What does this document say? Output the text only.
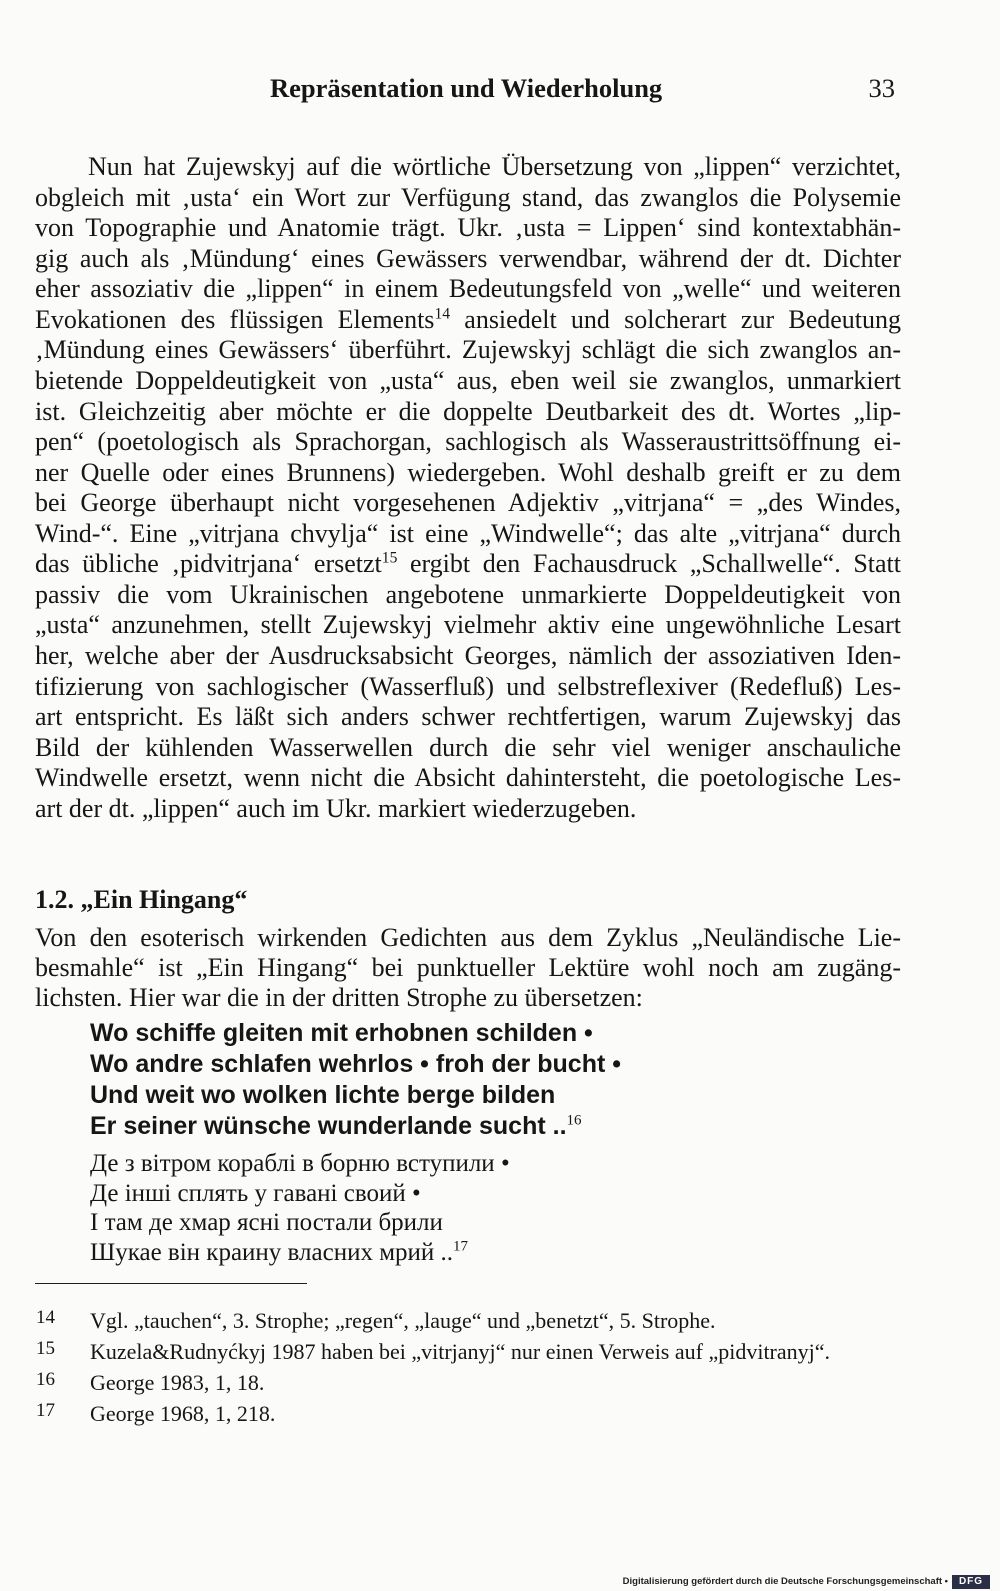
Repräsentation und Wiederholung	33
Nun hat Zujewskyj auf die wörtliche Übersetzung von „lippen“ verzichtet,
obgleich mit ‚usta‘ ein Wort zur Verfügung stand, das zwanglos die Polysemie
von Topographie und Anatomie trägt. Ukr. ‚usta = Lippen‘ sind kontextabhän-
gig auch als ‚Mündung‘ eines Gewässers verwendbar, während der dt. Dichter
eher assoziativ die „lippen“ in einem Bedeutungsfeld von „welle“ und weiteren
Evokationen des flüssigen Elements$^{14}$ ansiedelt und solcherart zur Bedeutung
‚Mündung eines Gewässers‘ überführt. Zujewskyj schlägt die sich zwanglos an-
bietende Doppeldeutigkeit von „usta“ aus, eben weil sie zwanglos, unmarkiert
ist. Gleichzeitig aber möchte er die doppelte Deutbarkeit des dt. Wortes „lip-
pen“ (poetologisch als Sprachorgan, sachlogisch als Wasseraustrittsöffnung ei-
ner Quelle oder eines Brunnens) wiedergeben. Wohl deshalb greift er zu dem
bei George überhaupt nicht vorgesehenen Adjektiv „vitrjana“ = „des Windes,
Wind-“. Eine „vitrjana chvylja“ ist eine „Windwelle“; das alte „vitrjana“ durch
das übliche ‚pidvitrjana‘ ersetzt$^{15}$ ergibt den Fachausdruck „Schallwelle“. Statt
passiv die vom Ukrainischen angebotene unmarkierte Doppeldeutigkeit von
„usta“ anzunehmen, stellt Zujewskyj vielmehr aktiv eine ungewöhnliche Lesart
her, welche aber der Ausdrucksabsicht Georges, nämlich der assoziativen Iden-
tifizierung von sachlogischer (Wasserfluß) und selbstreflexiver (Redefluß) Les-
art entspricht. Es läßt sich anders schwer rechtfertigen, warum Zujewskyj das
Bild der kühlenden Wasserwellen durch die sehr viel weniger anschauliche
Windwelle ersetzt, wenn nicht die Absicht dahintersteht, die poetologische Les-
art der dt. „lippen“ auch im Ukr. markiert wiederzugeben.
1.2. „Ein Hingang“
Von den esoterisch wirkenden Gedichten aus dem Zyklus „Neuländische Lie-
besmahle“ ist „Ein Hingang“ bei punktueller Lektüre wohl noch am zugäng-
lichsten. Hier war die in der dritten Strophe zu übersetzen:
Wo schiffe gleiten mit erhobnen schilden •
Wo andre schlafen wehrlos • froh der bucht •
Und weit wo wolken lichte berge bilden
Er seiner wünsche wunderlande sucht ..$^{16}$
Де з вітром кораблі в борню вступили •
Де інші сплять у гавані своий •
І там де хмар ясні постали брили
Шукае він краину власних мрий ..$^{17}$
14 Vgl. „tauchen“, 3. Strophe; „regen“, „lauge“ und „benetzt“, 5. Strophe.
15 Kuzela&Rudnyćkyj 1987 haben bei „vitrjanyj“ nur einen Verweis auf „pidvitranyj“.
16 George 1983, 1, 18.
17 George 1968, 1, 218.
Digitalisierung gefördert durch die Deutsche Forschungsgemeinschaft •	DFG
